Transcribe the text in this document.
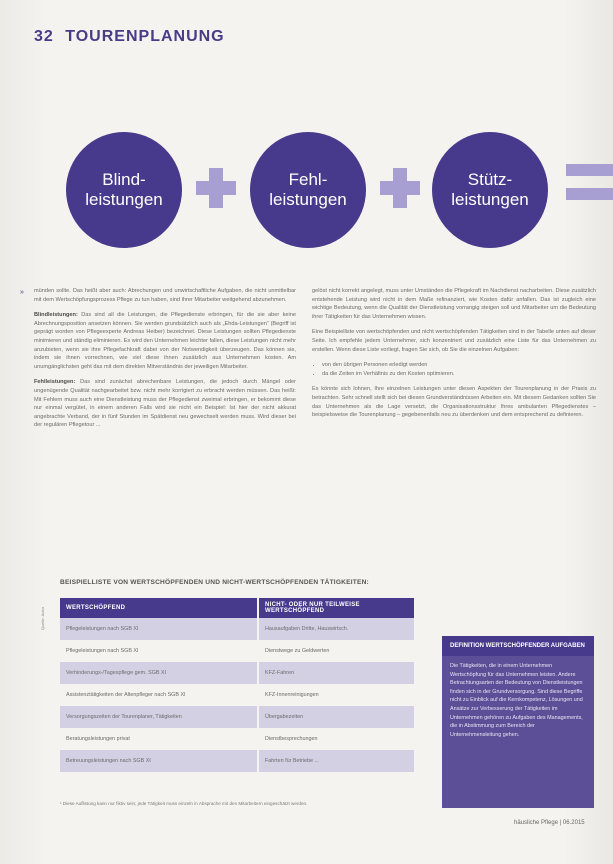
32 TOURENPLANUNG
Blind-
leistungen
Fehl-
leistungen
Stütz-
leistungen
» münden sollte. Das heißt aber auch: Abrechungen und unwirtschaftliche Aufgaben, die nicht unmittelbar mit dem Wertschöpfungsprozess Pflege zu tun haben, sind ihrer Mitarbeiter weitgehend abzunehmen.

Blindleistungen: Das sind all die Leistungen, die Pflegedienste erbringen, für die sie aber keine Abrechnungsposition ansetzen können. Sie werden grundsätzlich auch als „Ehda-Leistungen“ (Begriff ist geprägt worden von Pflegeexperte Andreas Heiber) bezeichnet. Diese Leistungen sollten Pflegedienste minimieren und ständig eliminieren. Es wird den Unternehmen leichter fallen, diese Leistungen nicht mehr anzubieten, wenn sie ihre Pflegefachkraft dabei von der Notwendigkeit überzeugen. Das können sie, indem sie ihnen vorrechnen, wie viel diese ihnen zusätzlich aus Unternehmen kosten. Am unumgänglichsten geht das mit dem direkten Mitverständnis der jeweiligen Mitarbeiter.

Fehlleistungen: Das sind zunächst abrechenbare Leistungen, die jedoch durch Mängel oder ungenügende Qualität nachgearbeitet bzw. nicht mehr korrigiert zu erbracht werden müssen. Das heißt: Mit Fehlern muss auch eine Dienstleistung muss der Pflegedienst zweimal erbringen, er bekommt diese nur einmal vergütet, in einem anderen Falls wird sie nicht ein Beispiel: Ist hier der nicht akkurat angebrachte Verband, der in fünf Stunden im Spätdienst neu gewechselt werden muss. Wird dieser bei der regulären Pflegetour ...

gelöst nicht korrekt angelegt, muss unter Umständen die Pflegekraft im Nachdienst nacharbeiten. Diese zusätzlich entstehende Leistung wird nicht in dem Maße refinanziert, wie Kosten dafür anfallen. Das ist zugleich eine wichtige Bedeutung, wenn die Qualität der Dienstleistung vorrangig steigen soll und Mitarbeiter um die Bedeutung ihrer Tätigkeiten für das Unternehmen wissen.

Eine Beispielliste von wertschöpfenden und nicht wertschöpfenden Tätigkeiten sind in der Tabelle unten auf dieser Seite. Ich empfehle jedem Unternehmer, sich konzentriert und zusätzlich eine Liste für das Unternehmen zu erstellen. Wenn diese Liste vorliegt, fragen Sie sich, ob Sie die einzelnen Aufgaben:

• von den übrigen Personen erledigt werden
• da die Zeiten im Verhältnis zu den Kosten optimieren.

Es könnte sich lohnen, Ihre einzelnen Leistungen unter diesen Aspekten der Tourenplanung in der Praxis zu betrachten. Sehr schnell stellt sich bei diesen Grundverständnissen Arbeiten ein. Mit diesem Gedanken sollten Sie das Unternehmen als die Lage versetzt, die Organisationsstruktur Ihres ambulanten Pflegedienstes – beispielsweise die Tourenplanung – gegebenenfalls neu zu überdenken und dem entsprechend zu definieren.

BEISPIELLISTE VON WERTSCHÖPFENDEN UND NICHT-WERTSCHÖPFENDEN TÄTIGKEITEN:
Quelle: Autor	WERTSCHÖPFEND	NICHT- ODER NUR TEILWEISE WERTSCHÖPFEND
Pflegeleistungen nach SGB XI	Hausaufgaben Dritte, Hauswirtsch.
Pflegeleistungen nach SGB XI	Dienstwege zu Geldwerten
Verhinderungs-/Tagespflege gem. SGB XI	KFZ-Fahren
Assistenztätigkeiten der Altenpfleger nach SGB XI	KFZ-Innenreinigungen
Versorgungszeiten der Tourenplaner, Tätigkeiten	Übergabezeiten
Beratungsleistungen privat	Dienstbesprechungen
Betreuungsleistungen nach SGB XI	Fahrten für Betriebe ...
DEFINITION WERTSCHÖPFENDER AUFGABEN
Die Tätigkeiten, die in einem Unternehmen Wertschöpfung für das Unternehmen leisten. Andere Betrachtungsarten der Bedeutung von Dienstleistungen finden sich in der Grundversorgung. Sind diese Begriffe nicht zu Einblick auf die Kernkompetenz, Lösungen und Ansätze zur Verbesserung der Tätigkeiten im Unternehmen gehören zu Aufgaben des Managements, die in Abstimmung zum Bereich der Unternehmensleitung gehen.
¹ Diese Auflistung kann nur fiktiv sein; jede Tätigkeit muss einzeln in Absprache mit den Mitarbeitern eingeschätzt werden.
häusliche Pflege | 06.2015
